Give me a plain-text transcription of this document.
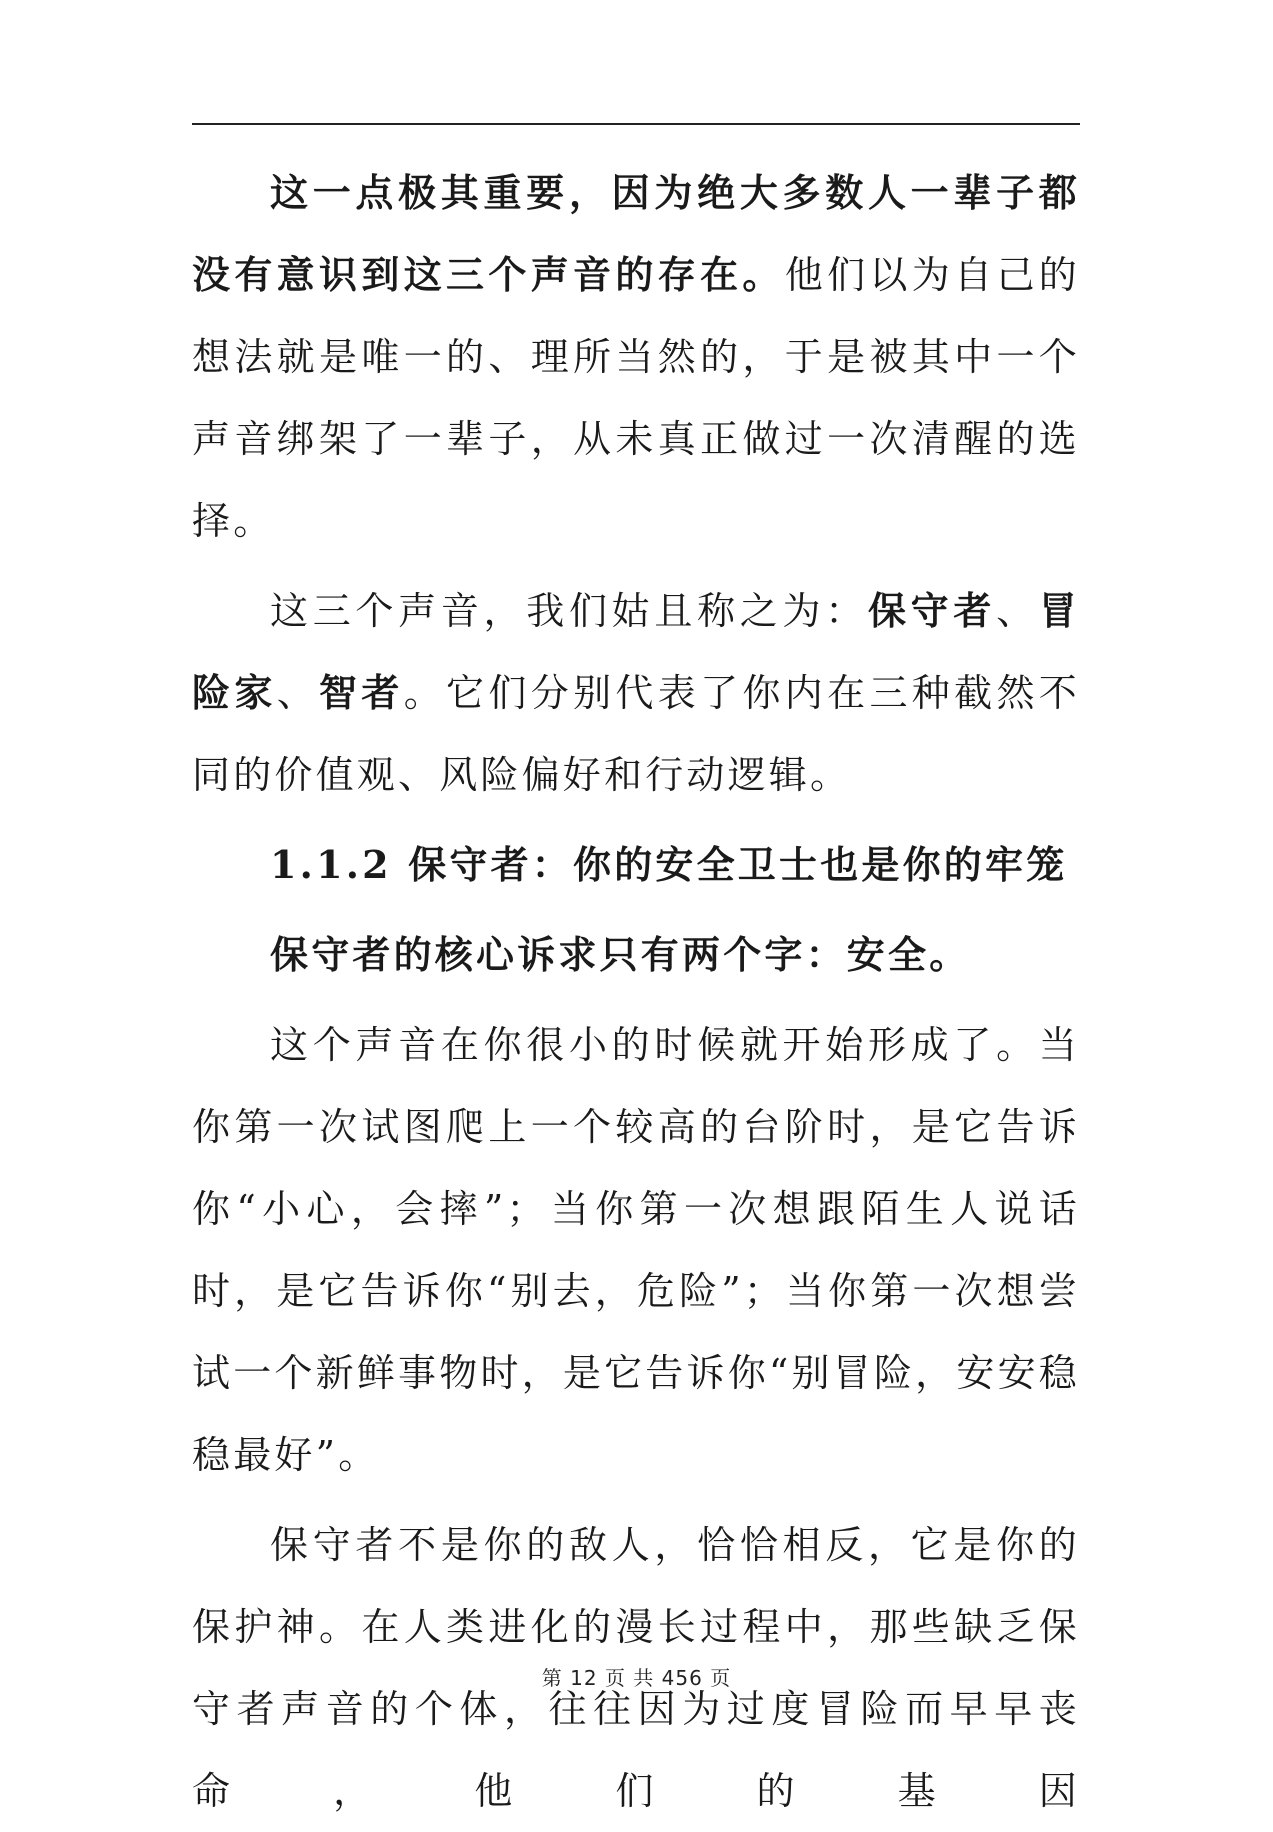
这一点极其重要，因为绝大多数人一辈子都没有意识到这三个声音的存在。他们以为自己的想法就是唯一的、理所当然的，于是被其中一个声音绑架了一辈子，从未真正做过一次清醒的选择。

这三个声音，我们姑且称之为：保守者、冒险家、智者。它们分别代表了你内在三种截然不同的价值观、风险偏好和行动逻辑。

1.1.2 保守者：你的安全卫士也是你的牢笼

保守者的核心诉求只有两个字：安全。

这个声音在你很小的时候就开始形成了。当你第一次试图爬上一个较高的台阶时，是它告诉你“小心，会摔”；当你第一次想跟陌生人说话时，是它告诉你“别去，危险”；当你第一次想尝试一个新鲜事物时，是它告诉你“别冒险，安安稳稳最好”。

保守者不是你的敌人，恰恰相反，它是你的保护神。在人类进化的漫长过程中，那些缺乏保守者声音的个体，往往因为过度冒险而早早丧命，他们的基因

第 12 页 共 456 页
